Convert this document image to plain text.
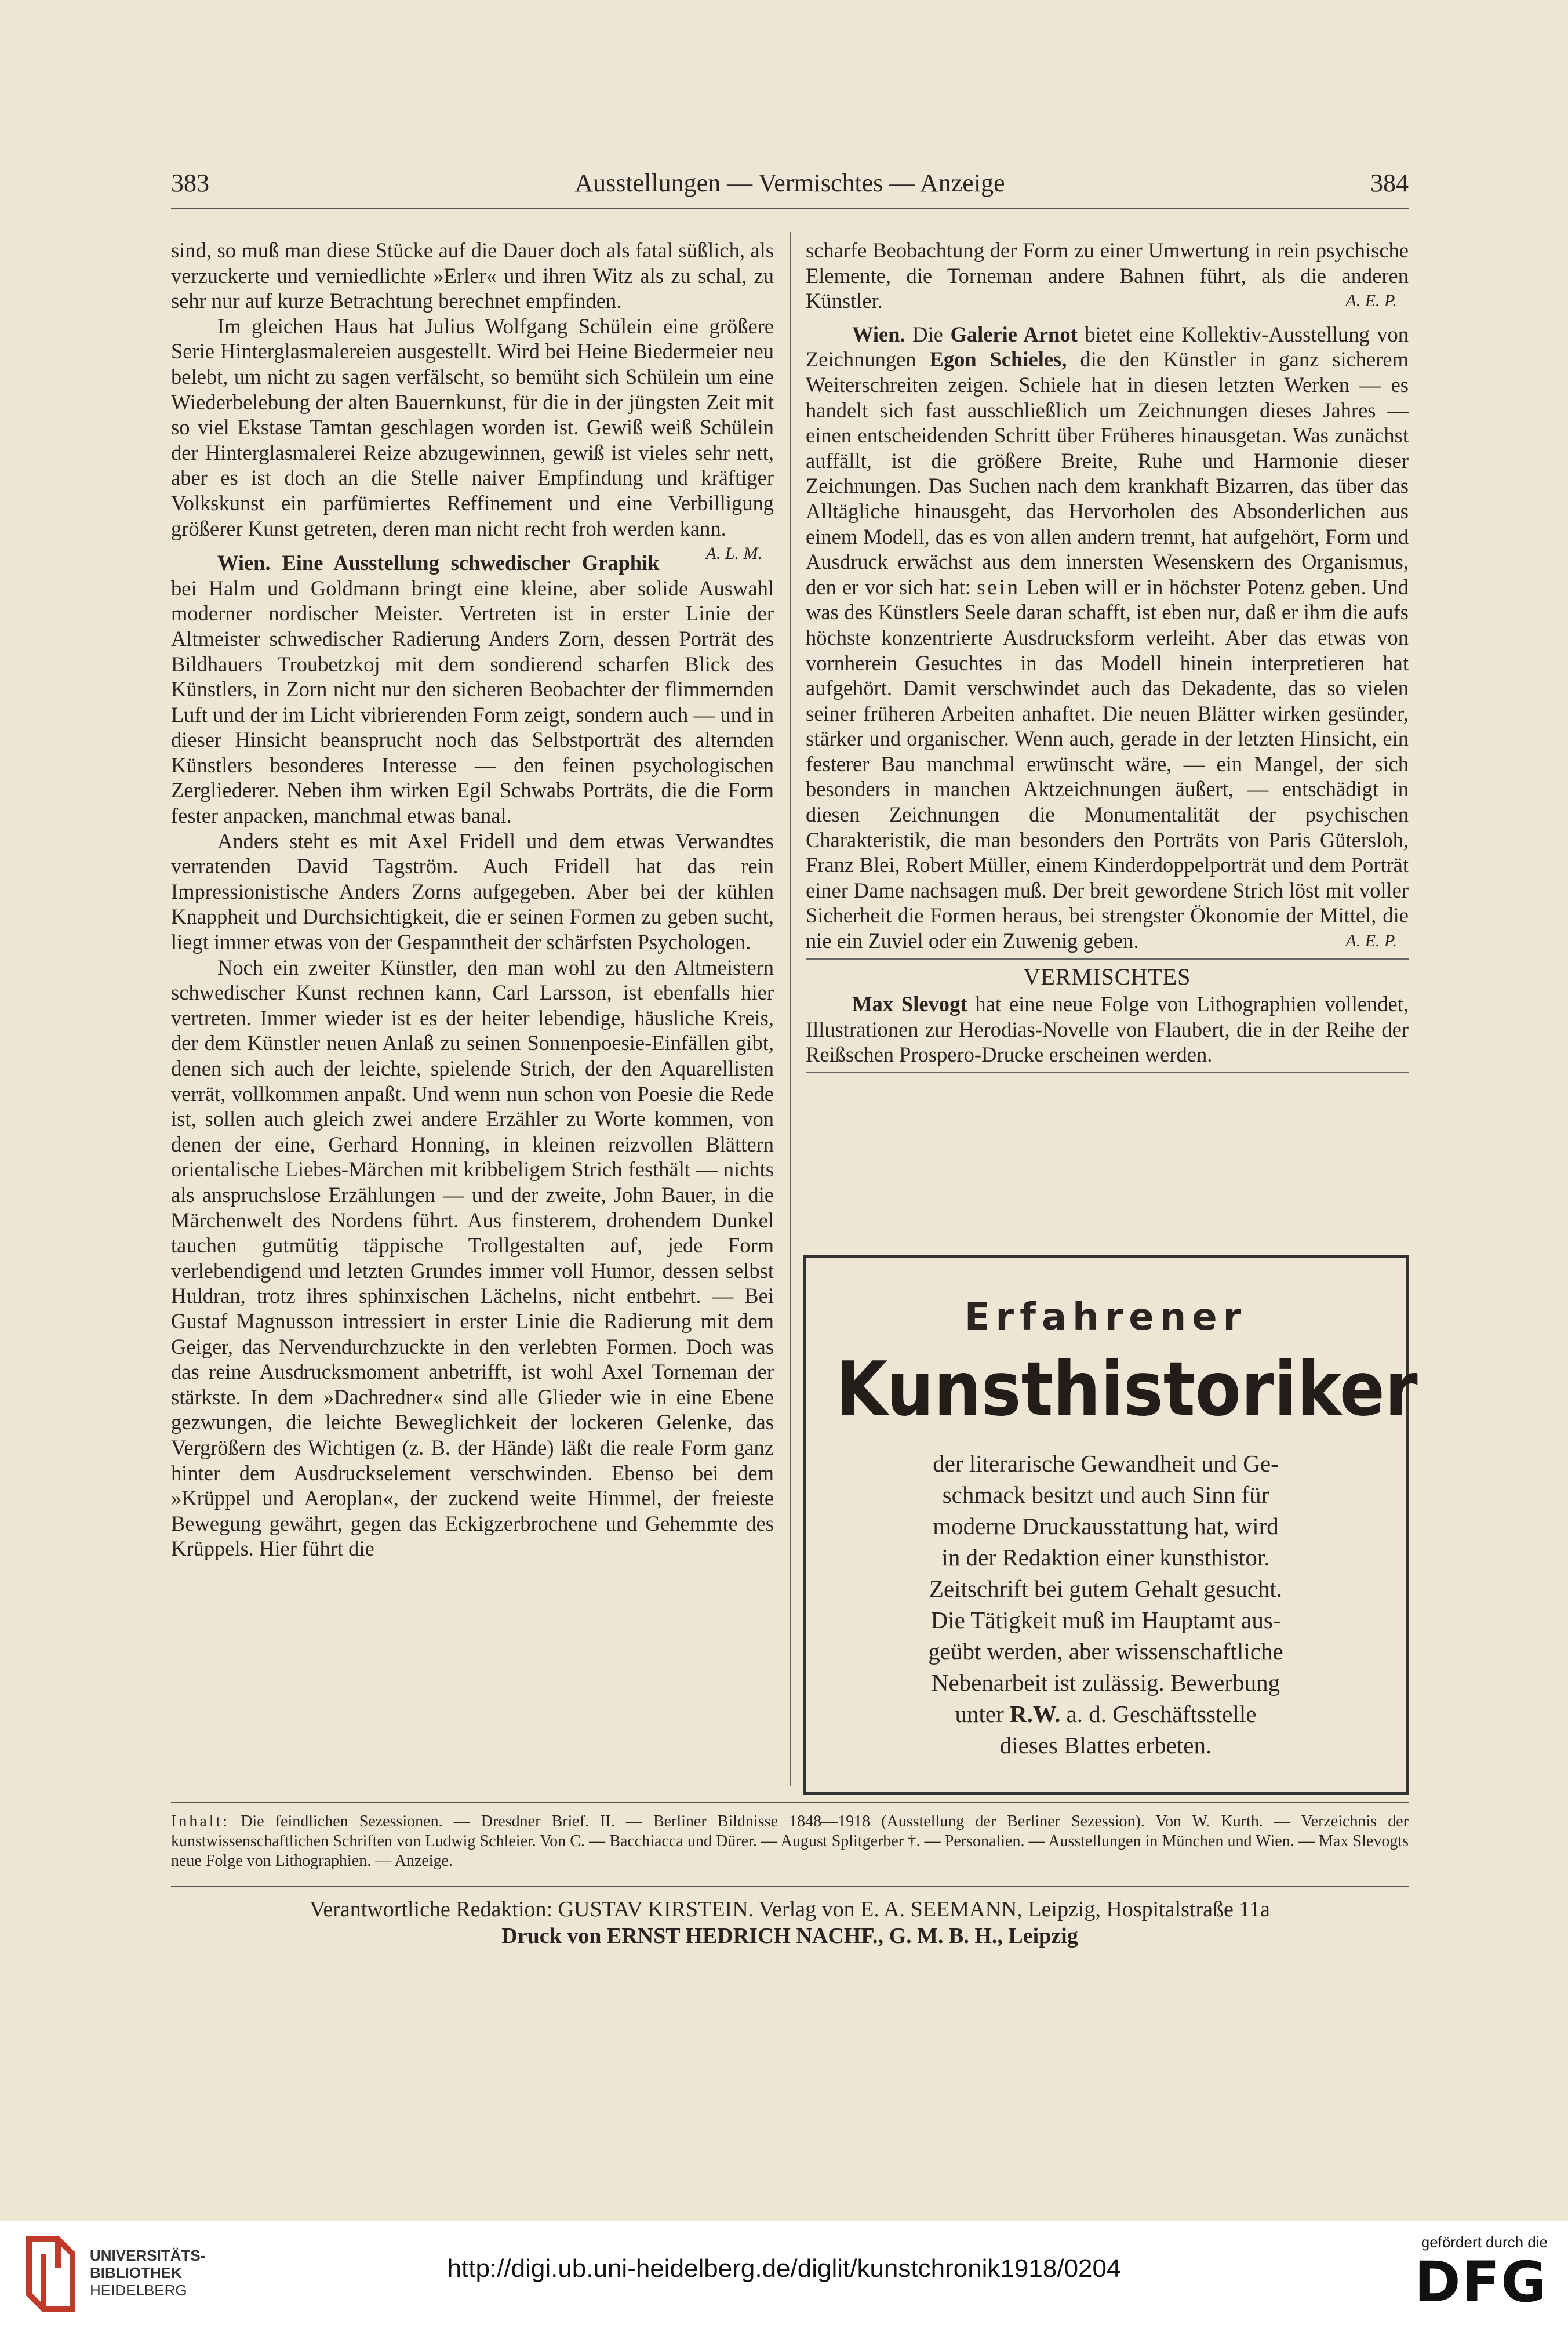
383	Ausstellungen — Vermischtes — Anzeige	384

sind, so muß man diese Stücke auf die Dauer doch als fatal süßlich, als verzuckerte und verniedlichte »Erler« und ihren Witz als zu schal, zu sehr nur auf kurze Betrachtung berechnet empfinden.

Im gleichen Haus hat Julius Wolfgang Schülein eine größere Serie Hinterglasmalereien ausgestellt. Wird bei Heine Biedermeier neu belebt, um nicht zu sagen verfälscht, so bemüht sich Schülein um eine Wiederbelebung der alten Bauernkunst, für die in der jüngsten Zeit mit so viel Ekstase Tamtan geschlagen worden ist. Gewiß weiß Schülein der Hinterglasmalerei Reize abzugewinnen, gewiß ist vieles sehr nett, aber es ist doch an die Stelle naiver Empfindung und kräftiger Volkskunst ein parfümiertes Reffinement und eine Verbilligung größerer Kunst getreten, deren man nicht recht froh werden kann.
A. L. M.

Wien. Eine Ausstellung schwedischer Graphik bei Halm und Goldmann bringt eine kleine, aber solide Auswahl moderner nordischer Meister. Vertreten ist in erster Linie der Altmeister schwedischer Radierung Anders Zorn, dessen Porträt des Bildhauers Troubetzkoj mit dem sondierend scharfen Blick des Künstlers, in Zorn nicht nur den sicheren Beobachter der flimmernden Luft und der im Licht vibrierenden Form zeigt, sondern auch — und in dieser Hinsicht beansprucht noch das Selbstporträt des alternden Künstlers besonderes Interesse — den feinen psychologischen Zergliederer. Neben ihm wirken Egil Schwabs Porträts, die die Form fester anpacken, manchmal etwas banal.

Anders steht es mit Axel Fridell und dem etwas Verwandtes verratenden David Tagström. Auch Fridell hat das rein Impressionistische Anders Zorns aufgegeben. Aber bei der kühlen Knappheit und Durchsichtigkeit, die er seinen Formen zu geben sucht, liegt immer etwas von der Gespanntheit der schärfsten Psychologen.

Noch ein zweiter Künstler, den man wohl zu den Altmeistern schwedischer Kunst rechnen kann, Carl Larsson, ist ebenfalls hier vertreten. Immer wieder ist es der heiter lebendige, häusliche Kreis, der dem Künstler neuen Anlaß zu seinen Sonnenpoesie-Einfällen gibt, denen sich auch der leichte, spielende Strich, der den Aquarellisten verrät, vollkommen anpaßt. Und wenn nun schon von Poesie die Rede ist, sollen auch gleich zwei andere Erzähler zu Worte kommen, von denen der eine, Gerhard Honning, in kleinen reizvollen Blättern orientalische Liebes-Märchen mit kribbeligem Strich festhält — nichts als anspruchslose Erzählungen — und der zweite, John Bauer, in die Märchenwelt des Nordens führt. Aus finsterem, drohendem Dunkel tauchen gutmütig täppische Trollgestalten auf, jede Form verlebendigend und letzten Grundes immer voll Humor, dessen selbst Huldran, trotz ihres sphinxischen Lächelns, nicht entbehrt. — Bei Gustaf Magnusson intressiert in erster Linie die Radierung mit dem Geiger, das Nervendurchzuckte in den verlebten Formen. Doch was das reine Ausdrucksmoment anbetrifft, ist wohl Axel Torneman der stärkste. In dem »Dachredner« sind alle Glieder wie in eine Ebene gezwungen, die leichte Beweglichkeit der lockeren Gelenke, das Vergrößern des Wichtigen (z. B. der Hände) läßt die reale Form ganz hinter dem Ausdruckselement verschwinden. Ebenso bei dem »Krüppel und Aeroplan«, der zuckend weite Himmel, der freieste Bewegung gewährt, gegen das Eckigzerbrochene und Gehemmte des Krüppels. Hier führt die

scharfe Beobachtung der Form zu einer Umwertung in rein psychische Elemente, die Torneman andere Bahnen führt, als die anderen Künstler.	A. E. P.

Wien. Die Galerie Arnot bietet eine Kollektiv-Ausstellung von Zeichnungen Egon Schieles, die den Künstler in ganz sicherem Weiterschreiten zeigen. Schiele hat in diesen letzten Werken — es handelt sich fast ausschließlich um Zeichnungen dieses Jahres — einen entscheidenden Schritt über Früheres hinausgetan. Was zunächst auffällt, ist die größere Breite, Ruhe und Harmonie dieser Zeichnungen. Das Suchen nach dem krankhaft Bizarren, das über das Alltägliche hinausgeht, das Hervorholen des Absonderlichen aus einem Modell, das es von allen andern trennt, hat aufgehört, Form und Ausdruck erwächst aus dem innersten Wesenskern des Organismus, den er vor sich hat: sein Leben will er in höchster Potenz geben. Und was des Künstlers Seele daran schafft, ist eben nur, daß er ihm die aufs höchste konzentrierte Ausdrucksform verleiht. Aber das etwas von vornherein Gesuchtes in das Modell hinein interpretieren hat aufgehört. Damit verschwindet auch das Dekadente, das so vielen seiner früheren Arbeiten anhaftet. Die neuen Blätter wirken gesünder, stärker und organischer. Wenn auch, gerade in der letzten Hinsicht, ein festerer Bau manchmal erwünscht wäre, — ein Mangel, der sich besonders in manchen Aktzeichnungen äußert, — entschädigt in diesen Zeichnungen die Monumentalität der psychischen Charakteristik, die man besonders den Porträts von Paris Gütersloh, Franz Blei, Robert Müller, einem Kinderdoppelporträt und dem Porträt einer Dame nachsagen muß. Der breit gewordene Strich löst mit voller Sicherheit die Formen heraus, bei strengster Ökonomie der Mittel, die nie ein Zuviel oder ein Zuwenig geben.	A. E. P.

VERMISCHTES

Max Slevogt hat eine neue Folge von Lithographien vollendet, Illustrationen zur Herodias-Novelle von Flaubert, die in der Reihe der Reißschen Prospero-Drucke erscheinen werden.

Erfahrener
Kunsthistoriker
der literarische Gewandheit und Ge-
schmack besitzt und auch Sinn für
moderne Druckausstattung hat, wird
in der Redaktion einer kunsthistor.
Zeitschrift bei gutem Gehalt gesucht.
Die Tätigkeit muß im Hauptamt aus-
geübt werden, aber wissenschaftliche
Nebenarbeit ist zulässig. Bewerbung
unter R.W. a. d. Geschäftsstelle
dieses Blattes erbeten.
Inhalt: Die feindlichen Sezessionen. — Dresdner Brief. II. — Berliner Bildnisse 1848—1918 (Ausstellung der Berliner Sezession). Von W. Kurth. — Verzeichnis der kunstwissenschaftlichen Schriften von Ludwig Schleier. Von C. — Bacchiacca und Dürer. — August Splitgerber †. — Personalien. — Ausstellungen in München und Wien. — Max Slevogts neue Folge von Lithographien. — Anzeige.
Verantwortliche Redaktion: GUSTAV KIRSTEIN. Verlag von E. A. SEEMANN, Leipzig, Hospitalstraße 11a
Druck von ERNST HEDRICH NACHF., G. M. B. H., Leipzig
UNIVERSITÄTS-
BIBLIOTHEK
HEIDELBERG
http://digi.ub.uni-heidelberg.de/diglit/kunstchronik1918/0204
gefördert durch die
DFG
